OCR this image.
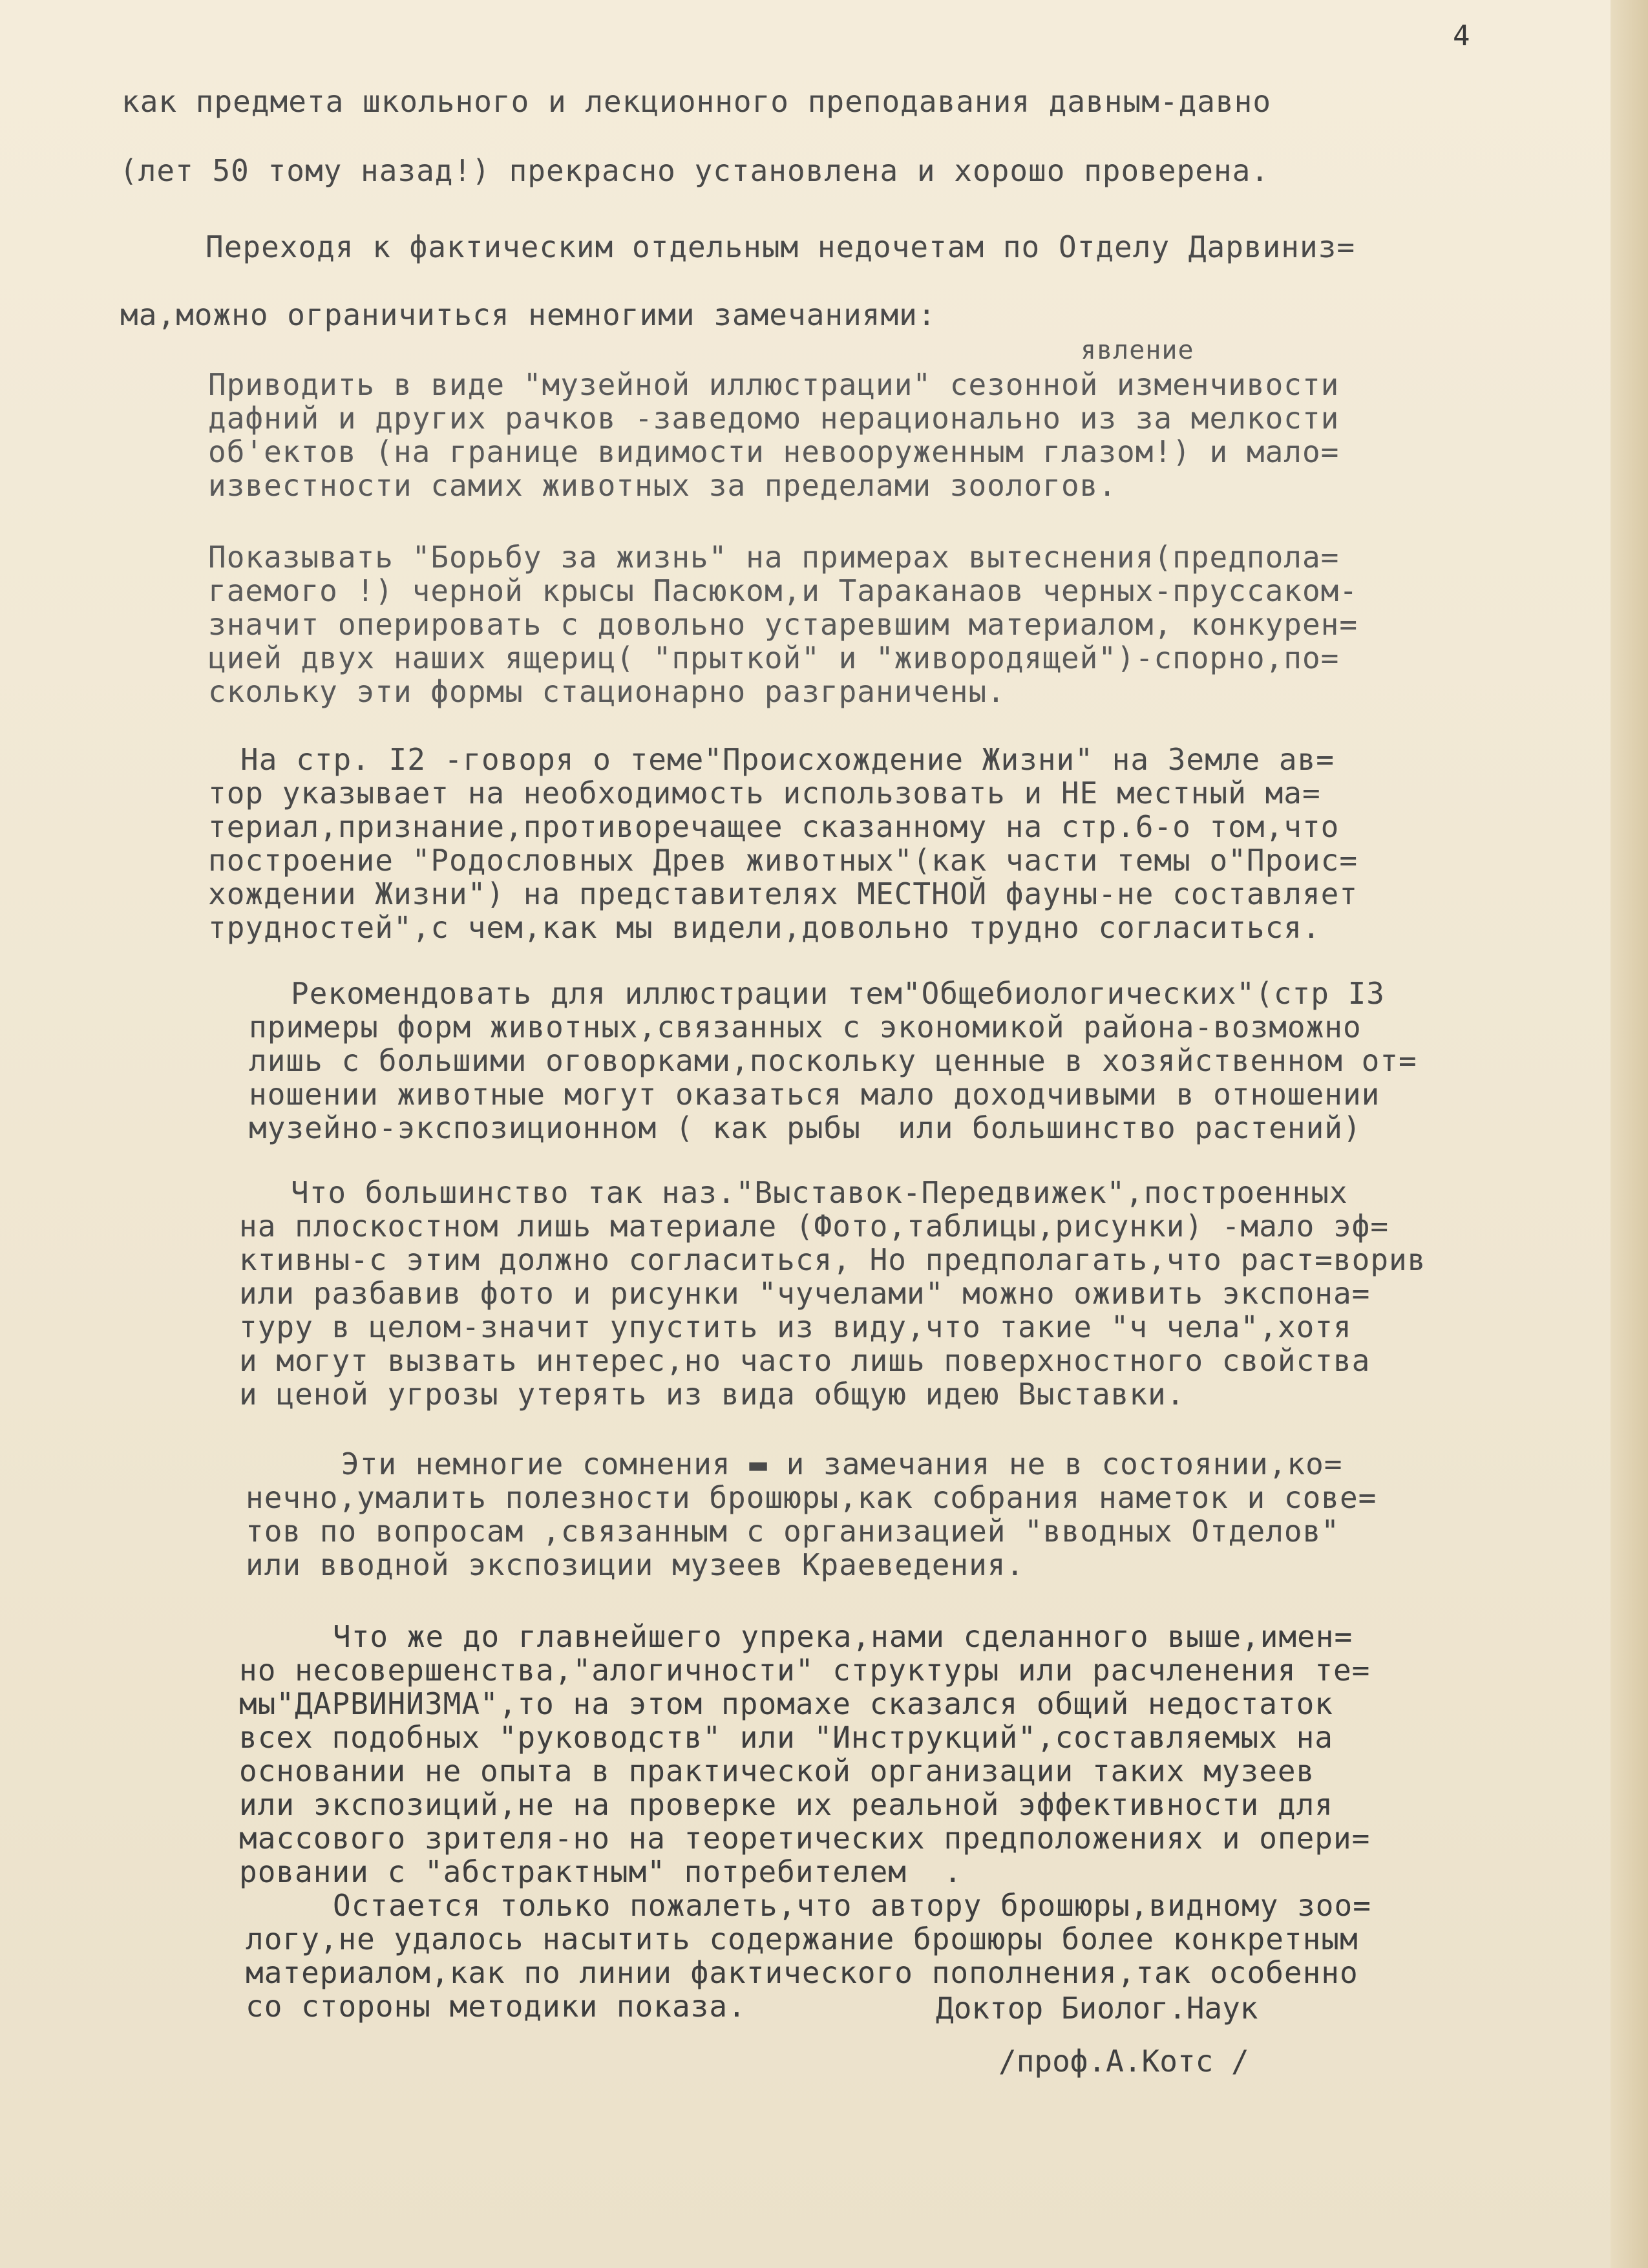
4
как предмета школьного и лекционного преподавания давным-давно
(лет 50 тому назад!) прекрасно установлена и хорошо проверена.
Переходя к фактическим отдельным недочетам по Отделу Дарвиниз=
ма,можно ограничиться немногими замечаниями:
явление
Приводить в виде "музейной иллюстрации" сезонной изменчивости
дафний и других рачков -заведомо нерационально из за мелкости
об'ектов (на границе видимости невооруженным глазом!) и мало=
известности самих животных за пределами зоологов.
Показывать "Борьбу за жизнь" на примерах вытеснения(предпола=
гаемого !) черной крысы Пасюком,и Тараканаов черных-пруссаком-
значит оперировать с довольно устаревшим материалом, конкурен=
цией двух наших ящериц( "прыткой" и "живородящей")-спорно,по=
скольку эти формы стационарно разграничены.
На стр. I2 -говоря о теме"Происхождение Жизни" на Земле ав=
тор указывает на необходимость использовать и НЕ местный ма=
териал,признание,противоречащее сказанному на стр.6-о том,что
построение "Родословных Древ животных"(как части темы о"Проис=
хождении Жизни") на представителях МЕСТНОЙ фауны-не составляет
трудностей",с чем,как мы видели,довольно трудно согласиться.
Рекомендовать для иллюстрации тем"Общебиологических"(стр I3
примеры форм животных,связанных с экономикой района-возможно
лишь с большими оговорками,поскольку ценные в хозяйственном от=
ношении животные могут оказаться мало доходчивыми в отношении
музейно-экспозиционном ( как рыбы  или большинство растений)
Что большинство так наз."Выставок-Передвижек",построенных
на плоскостном лишь материале (Фото,таблицы,рисунки) -мало эф=
ктивны-с этим должно согласиться, Но предполагать,что раст=ворив
или разбавив фото и рисунки "чучелами" можно оживить экспона=
туру в целом-значит упустить из виду,что такие "ч чела",хотя
и могут вызвать интерес,но часто лишь поверхностного свойства
и ценой угрозы утерять из вида общую идею Выставки.
Эти немногие сомнения ▬ и замечания не в состоянии,ко=
нечно,умалить полезности брошюры,как собрания наметок и сове=
тов по вопросам ,связанным с организацией "вводных Отделов"
или вводной экспозиции музеев Краеведения.
Что же до главнейшего упрека,нами сделанного выше,имен=
но несовершенства,"алогичности" структуры или расчленения те=
мы"ДАРВИНИЗМА",то на этом промахе сказался общий недостаток
всех подобных "руководств" или "Инструкций",составляемых на
основании не опыта в практической организации таких музеев
или экспозиций,не на проверке их реальной эффективности для
массового зрителя-но на теоретических предположениях и опери=
ровании с "абстрактным" потребителем  .
Остается только пожалеть,что автору брошюры,видному зоо=
логу,не удалось насытить содержание брошюры более конкретным
материалом,как по линии фактического пополнения,так особенно
со стороны методики показа.	Доктор Биолог.Наук
/проф.А.Котс /
